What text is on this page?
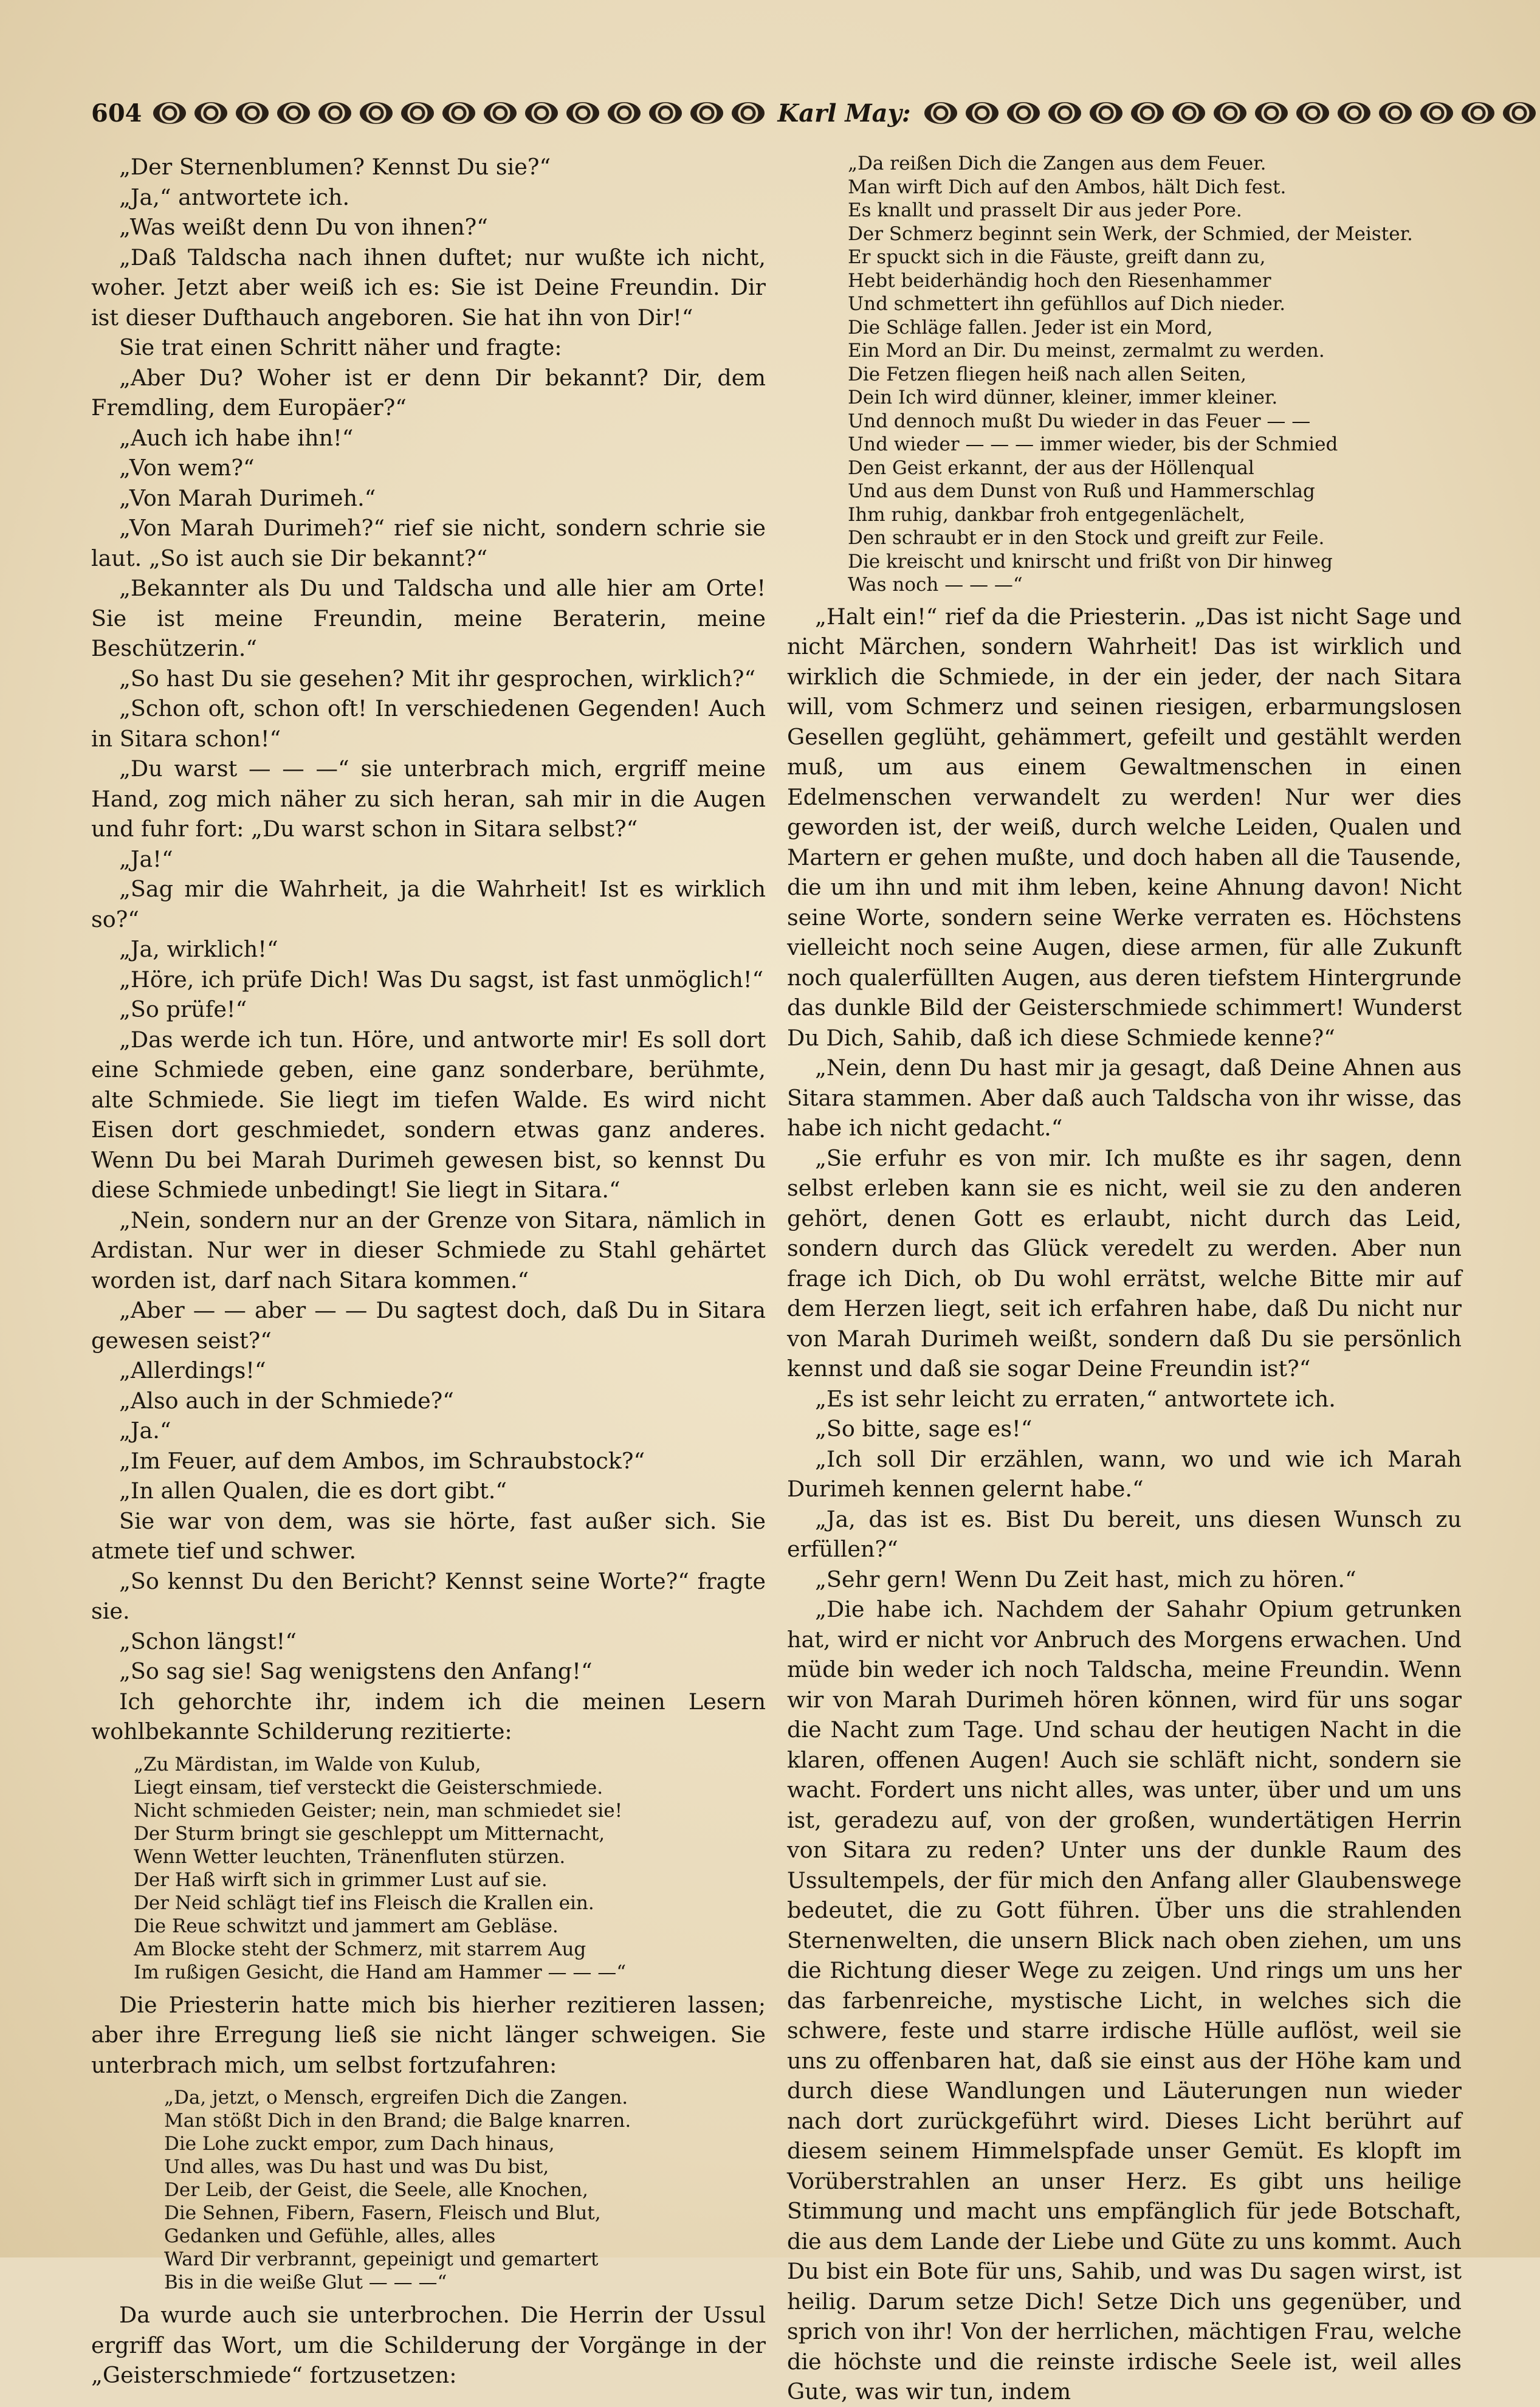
604	Karl May:

„Der Sternenblumen? Kennst Du sie?“

„Ja,“ antwortete ich.

„Was weißt denn Du von ihnen?“

„Daß Taldscha nach ihnen duftet; nur wußte ich nicht, woher. Jetzt aber weiß ich es: Sie ist Deine Freundin. Dir ist dieser Dufthauch angeboren. Sie hat ihn von Dir!“

Sie trat einen Schritt näher und fragte:

„Aber Du? Woher ist er denn Dir bekannt? Dir, dem Fremdling, dem Europäer?“

„Auch ich habe ihn!“

„Von wem?“

„Von Marah Durimeh.“

„Von Marah Durimeh?“ rief sie nicht, sondern schrie sie laut. „So ist auch sie Dir bekannt?“

„Bekannter als Du und Taldscha und alle hier am Orte! Sie ist meine Freundin, meine Beraterin, meine Beschützerin.“

„So hast Du sie gesehen? Mit ihr gesprochen, wirklich?“

„Schon oft, schon oft! In verschiedenen Gegenden! Auch in Sitara schon!“

„Du warst — — —“ sie unterbrach mich, ergriff meine Hand, zog mich näher zu sich heran, sah mir in die Augen und fuhr fort: „Du warst schon in Sitara selbst?“

„Ja!“

„Sag mir die Wahrheit, ja die Wahrheit! Ist es wirklich so?“

„Ja, wirklich!“

„Höre, ich prüfe Dich! Was Du sagst, ist fast unmöglich!“

„So prüfe!“

„Das werde ich tun. Höre, und antworte mir! Es soll dort eine Schmiede geben, eine ganz sonderbare, berühmte, alte Schmiede. Sie liegt im tiefen Walde. Es wird nicht Eisen dort geschmiedet, sondern etwas ganz anderes. Wenn Du bei Marah Durimeh gewesen bist, so kennst Du diese Schmiede unbedingt! Sie liegt in Sitara.“

„Nein, sondern nur an der Grenze von Sitara, nämlich in Ardistan. Nur wer in dieser Schmiede zu Stahl gehärtet worden ist, darf nach Sitara kommen.“

„Aber — — aber — — Du sagtest doch, daß Du in Sitara gewesen seist?“

„Allerdings!“

„Also auch in der Schmiede?“

„Ja.“

„Im Feuer, auf dem Ambos, im Schraubstock?“

„In allen Qualen, die es dort gibt.“

Sie war von dem, was sie hörte, fast außer sich. Sie atmete tief und schwer.

„So kennst Du den Bericht? Kennst seine Worte?“ fragte sie.

„Schon längst!“

„So sag sie! Sag wenigstens den Anfang!“

Ich gehorchte ihr, indem ich die meinen Lesern wohlbekannte Schilderung rezitierte:

„Zu Märdistan, im Walde von Kulub,
Liegt einsam, tief versteckt die Geisterschmiede.
Nicht schmieden Geister; nein, man schmiedet sie!
Der Sturm bringt sie geschleppt um Mitternacht,
Wenn Wetter leuchten, Tränenfluten stürzen.
Der Haß wirft sich in grimmer Lust auf sie.
Der Neid schlägt tief ins Fleisch die Krallen ein.
Die Reue schwitzt und jammert am Gebläse.
Am Blocke steht der Schmerz, mit starrem Aug
Im rußigen Gesicht, die Hand am Hammer — — —“

Die Priesterin hatte mich bis hierher rezitieren lassen; aber ihre Erregung ließ sie nicht länger schweigen. Sie unterbrach mich, um selbst fortzufahren:

„Da, jetzt, o Mensch, ergreifen Dich die Zangen.
Man stößt Dich in den Brand; die Balge knarren.
Die Lohe zuckt empor, zum Dach hinaus,
Und alles, was Du hast und was Du bist,
Der Leib, der Geist, die Seele, alle Knochen,
Die Sehnen, Fibern, Fasern, Fleisch und Blut,
Gedanken und Gefühle, alles, alles
Ward Dir verbrannt, gepeinigt und gemartert
Bis in die weiße Glut — — —“

Da wurde auch sie unterbrochen. Die Herrin der Ussul ergriff das Wort, um die Schilderung der Vorgänge in der „Geisterschmiede“ fortzusetzen:

„Da reißen Dich die Zangen aus dem Feuer.
Man wirft Dich auf den Ambos, hält Dich fest.
Es knallt und prasselt Dir aus jeder Pore.
Der Schmerz beginnt sein Werk, der Schmied, der Meister.
Er spuckt sich in die Fäuste, greift dann zu,
Hebt beiderhändig hoch den Riesenhammer
Und schmettert ihn gefühllos auf Dich nieder.
Die Schläge fallen. Jeder ist ein Mord,
Ein Mord an Dir. Du meinst, zermalmt zu werden.
Die Fetzen fliegen heiß nach allen Seiten,
Dein Ich wird dünner, kleiner, immer kleiner.
Und dennoch mußt Du wieder in das Feuer — —
Und wieder — — — immer wieder, bis der Schmied
Den Geist erkannt, der aus der Höllenqual
Und aus dem Dunst von Ruß und Hammerschlag
Ihm ruhig, dankbar froh entgegenlächelt,
Den schraubt er in den Stock und greift zur Feile.
Die kreischt und knirscht und frißt von Dir hinweg
Was noch — — —“

„Halt ein!“ rief da die Priesterin. „Das ist nicht Sage und nicht Märchen, sondern Wahrheit! Das ist wirklich und wirklich die Schmiede, in der ein jeder, der nach Sitara will, vom Schmerz und seinen riesigen, erbarmungslosen Gesellen geglüht, gehämmert, gefeilt und gestählt werden muß, um aus einem Gewaltmenschen in einen Edelmenschen verwandelt zu werden! Nur wer dies geworden ist, der weiß, durch welche Leiden, Qualen und Martern er gehen mußte, und doch haben all die Tausende, die um ihn und mit ihm leben, keine Ahnung davon! Nicht seine Worte, sondern seine Werke verraten es. Höchstens vielleicht noch seine Augen, diese armen, für alle Zukunft noch qualerfüllten Augen, aus deren tiefstem Hintergrunde das dunkle Bild der Geisterschmiede schimmert! Wunderst Du Dich, Sahib, daß ich diese Schmiede kenne?“

„Nein, denn Du hast mir ja gesagt, daß Deine Ahnen aus Sitara stammen. Aber daß auch Taldscha von ihr wisse, das habe ich nicht gedacht.“

„Sie erfuhr es von mir. Ich mußte es ihr sagen, denn selbst erleben kann sie es nicht, weil sie zu den anderen gehört, denen Gott es erlaubt, nicht durch das Leid, sondern durch das Glück veredelt zu werden. Aber nun frage ich Dich, ob Du wohl errätst, welche Bitte mir auf dem Herzen liegt, seit ich erfahren habe, daß Du nicht nur von Marah Durimeh weißt, sondern daß Du sie persönlich kennst und daß sie sogar Deine Freundin ist?“

„Es ist sehr leicht zu erraten,“ antwortete ich.

„So bitte, sage es!“

„Ich soll Dir erzählen, wann, wo und wie ich Marah Durimeh kennen gelernt habe.“

„Ja, das ist es. Bist Du bereit, uns diesen Wunsch zu erfüllen?“

„Sehr gern! Wenn Du Zeit hast, mich zu hören.“

„Die habe ich. Nachdem der Sahahr Opium getrunken hat, wird er nicht vor Anbruch des Morgens erwachen. Und müde bin weder ich noch Taldscha, meine Freundin. Wenn wir von Marah Durimeh hören können, wird für uns sogar die Nacht zum Tage. Und schau der heutigen Nacht in die klaren, offenen Augen! Auch sie schläft nicht, sondern sie wacht. Fordert uns nicht alles, was unter, über und um uns ist, geradezu auf, von der großen, wundertätigen Herrin von Sitara zu reden? Unter uns der dunkle Raum des Ussultempels, der für mich den Anfang aller Glaubenswege bedeutet, die zu Gott führen. Über uns die strahlenden Sternenwelten, die unsern Blick nach oben ziehen, um uns die Richtung dieser Wege zu zeigen. Und rings um uns her das farbenreiche, mystische Licht, in welches sich die schwere, feste und starre irdische Hülle auflöst, weil sie uns zu offenbaren hat, daß sie einst aus der Höhe kam und durch diese Wandlungen und Läuterungen nun wieder nach dort zurückgeführt wird. Dieses Licht berührt auf diesem seinem Himmelspfade unser Gemüt. Es klopft im Vorüberstrahlen an unser Herz. Es gibt uns heilige Stimmung und macht uns empfänglich für jede Botschaft, die aus dem Lande der Liebe und Güte zu uns kommt. Auch Du bist ein Bote für uns, Sahib, und was Du sagen wirst, ist heilig. Darum setze Dich! Setze Dich uns gegenüber, und sprich von ihr! Von der herrlichen, mächtigen Frau, welche die höchste und die reinste irdische Seele ist, weil alles Gute, was wir tun, indem
